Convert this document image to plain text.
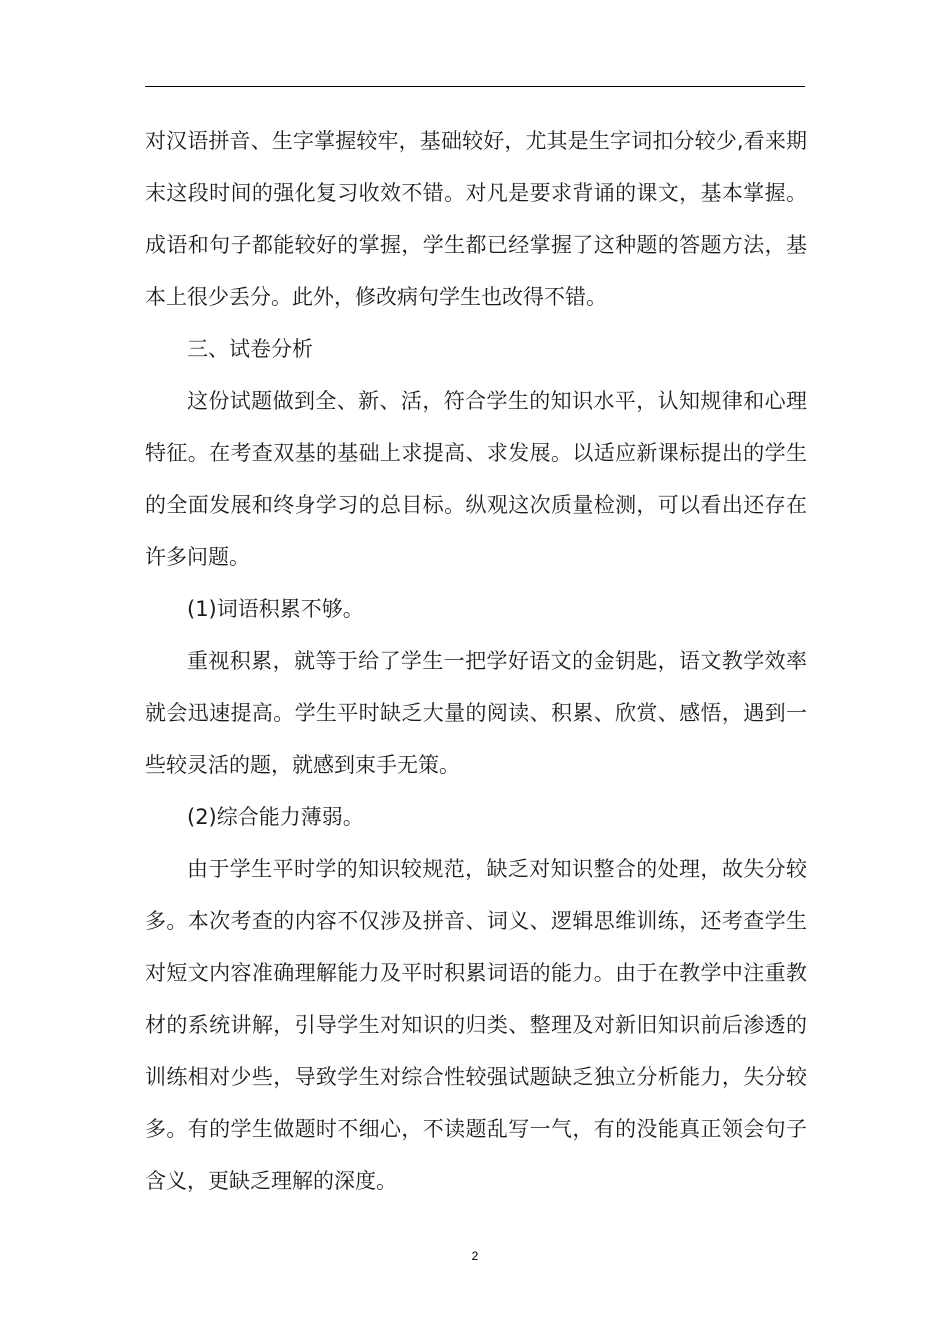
对汉语拼音、生字掌握较牢，基础较好，尤其是生字词扣分较少,看来期末这段时间的强化复习收效不错。对凡是要求背诵的课文，基本掌握。成语和句子都能较好的掌握，学生都已经掌握了这种题的答题方法，基本上很少丢分。此外，修改病句学生也改得不错。

三、试卷分析

这份试题做到全、新、活，符合学生的知识水平，认知规律和心理特征。在考查双基的基础上求提高、求发展。以适应新课标提出的学生的全面发展和终身学习的总目标。纵观这次质量检测，可以看出还存在许多问题。

(1)词语积累不够。

重视积累，就等于给了学生一把学好语文的金钥匙，语文教学效率就会迅速提高。学生平时缺乏大量的阅读、积累、欣赏、感悟，遇到一些较灵活的题，就感到束手无策。

(2)综合能力薄弱。

由于学生平时学的知识较规范，缺乏对知识整合的处理，故失分较多。本次考查的内容不仅涉及拼音、词义、逻辑思维训练，还考查学生对短文内容准确理解能力及平时积累词语的能力。由于在教学中注重教材的系统讲解，引导学生对知识的归类、整理及对新旧知识前后渗透的训练相对少些，导致学生对综合性较强试题缺乏独立分析能力，失分较多。有的学生做题时不细心，不读题乱写一气，有的没能真正领会句子含义，更缺乏理解的深度。

2
